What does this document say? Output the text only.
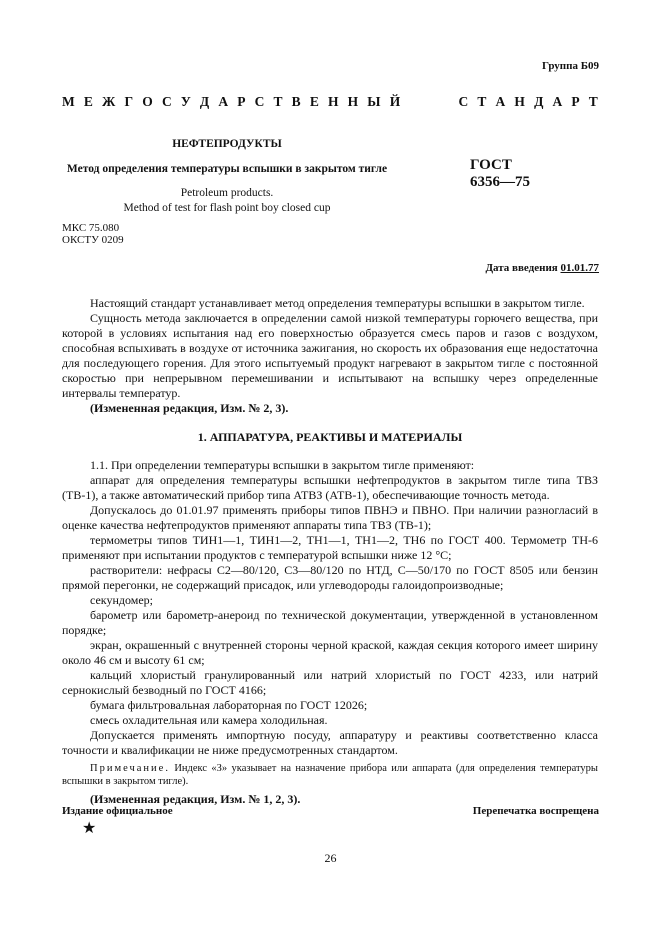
Группа Б09
М Е Ж Г О С У Д А Р С Т В Е Н Н Ы Й	С Т А Н Д А Р Т
НЕФТЕПРОДУКТЫ
Метод определения температуры вспышки в закрытом тигле
Petroleum products.
Method of test for flash point boy closed cup
ГОСТ
6356—75
МКС 75.080
ОКСТУ 0209
Дата введения 01.01.77

Настоящий стандарт устанавливает метод определения температуры вспышки в закрытом тигле.

Сущность метода заключается в определении самой низкой температуры горючего вещества, при которой в условиях испытания над его поверхностью образуется смесь паров и газов с воздухом, способная вспыхивать в воздухе от источника зажигания, но скорость их образования еще недостаточна для последующего горения. Для этого испытуемый продукт нагревают в закрытом тигле с постоянной скоростью при непрерывном перемешивании и испытывают на вспышку через определенные интервалы температур.

(Измененная редакция, Изм. № 2, 3).

1. АППАРАТУРА, РЕАКТИВЫ И МАТЕРИАЛЫ

1.1. При определении температуры вспышки в закрытом тигле применяют:

аппарат для определения температуры вспышки нефтепродуктов в закрытом тигле типа ТВЗ (ТВ-1), а также автоматический прибор типа АТВЗ (АТВ-1), обеспечивающие точность метода.

Допускалось до 01.01.97 применять приборы типов ПВНЭ и ПВНО. При наличии разногласий в оценке качества нефтепродуктов применяют аппараты типа ТВЗ (ТВ-1);

термометры типов ТИН1—1, ТИН1—2, ТН1—1, ТН1—2, ТН6 по ГОСТ 400. Термометр ТН-6 применяют при испытании продуктов с температурой вспышки ниже 12 °С;

растворители: нефрасы С2—80/120, С3—80/120 по НТД, С—50/170 по ГОСТ 8505 или бензин прямой перегонки, не содержащий присадок, или углеводороды галоидопроизводные;

секундомер;

барометр или барометр-анероид по технической документации, утвержденной в установленном порядке;

экран, окрашенный с внутренней стороны черной краской, каждая секция которого имеет ширину около 46 см и высоту 61 см;

кальций хлористый гранулированный или натрий хлористый по ГОСТ 4233, или натрий сернокислый безводный по ГОСТ 4166;

бумага фильтровальная лабораторная по ГОСТ 12026;

смесь охладительная или камера холодильная.

Допускается применять импортную посуду, аппаратуру и реактивы соответственно класса точности и квалификации не ниже предусмотренных стандартом.

Примечание. Индекс «З» указывает на назначение прибора или аппарата (для определения температуры вспышки в закрытом тигле).

(Измененная редакция, Изм. № 1, 2, 3).

Издание официальное	Перепечатка воспрещена
★
26
